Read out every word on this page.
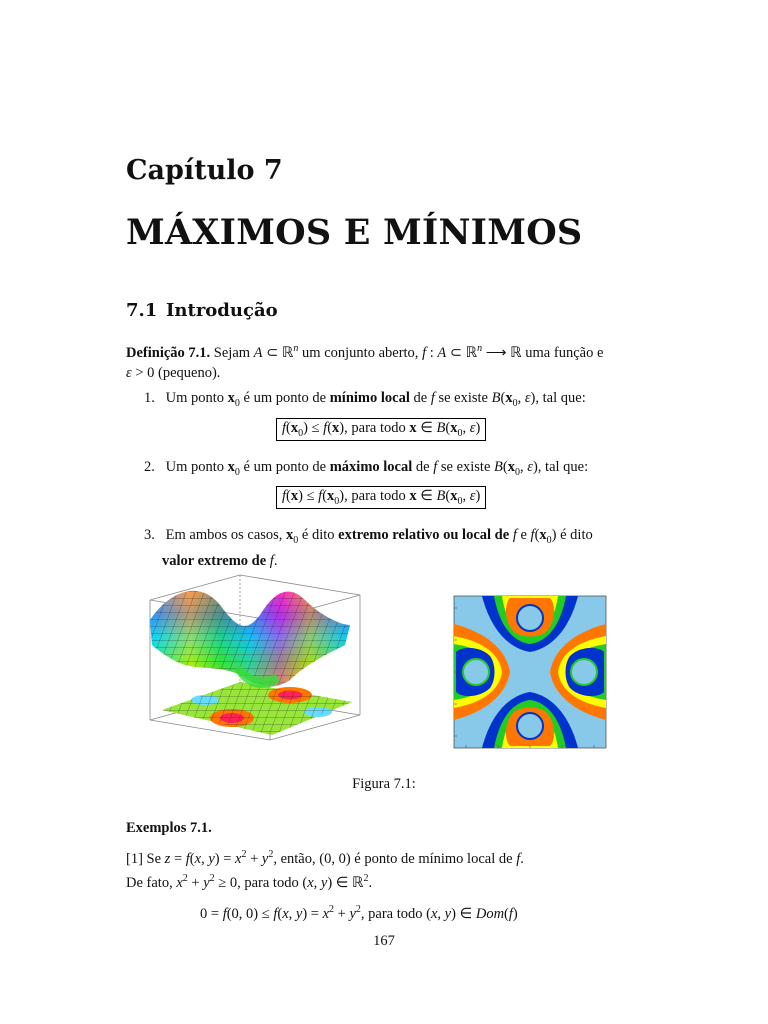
Capítulo 7
MÁXIMOS E MÍNIMOS
7.1 Introdução
Definição 7.1. Sejam A ⊂ ℝ$^n$ um conjunto aberto, f : A ⊂ ℝ$^n$ ⟶ ℝ uma função e
ε > 0 (pequeno).
1. Um ponto $x_0$ é um ponto de mínimo local de f se existe $B(x_0$, ε), tal que:
$f(x_0) \le f(x)$, para todo x ∈ $B(x_0$, ε)
2. Um ponto $x_0$ é um ponto de máximo local de f se existe $B(x_0$, ε), tal que:
$f(x) \le f(x_0)$, para todo x ∈ $B(x_0$, ε)
3. Em ambos os casos, $x_0$ é dito extremo relativo ou local de f e $f(x_0)$ é dito
valor extremo de f.
Figura 7.1:
Exemplos 7.1.
[1] Se z = f(x, $y) = x^2 + y^2$, então, (0, 0) é ponto de mínimo local de f.
De fato, $x^2 + y^2 \ge 0$, para todo (x, y) ∈ ℝ$^2$.
0 = f(0, 0) ≤ f(x, $y) = x^2 + y^2$, para todo (x, y) ∈ Dom(f)
167
